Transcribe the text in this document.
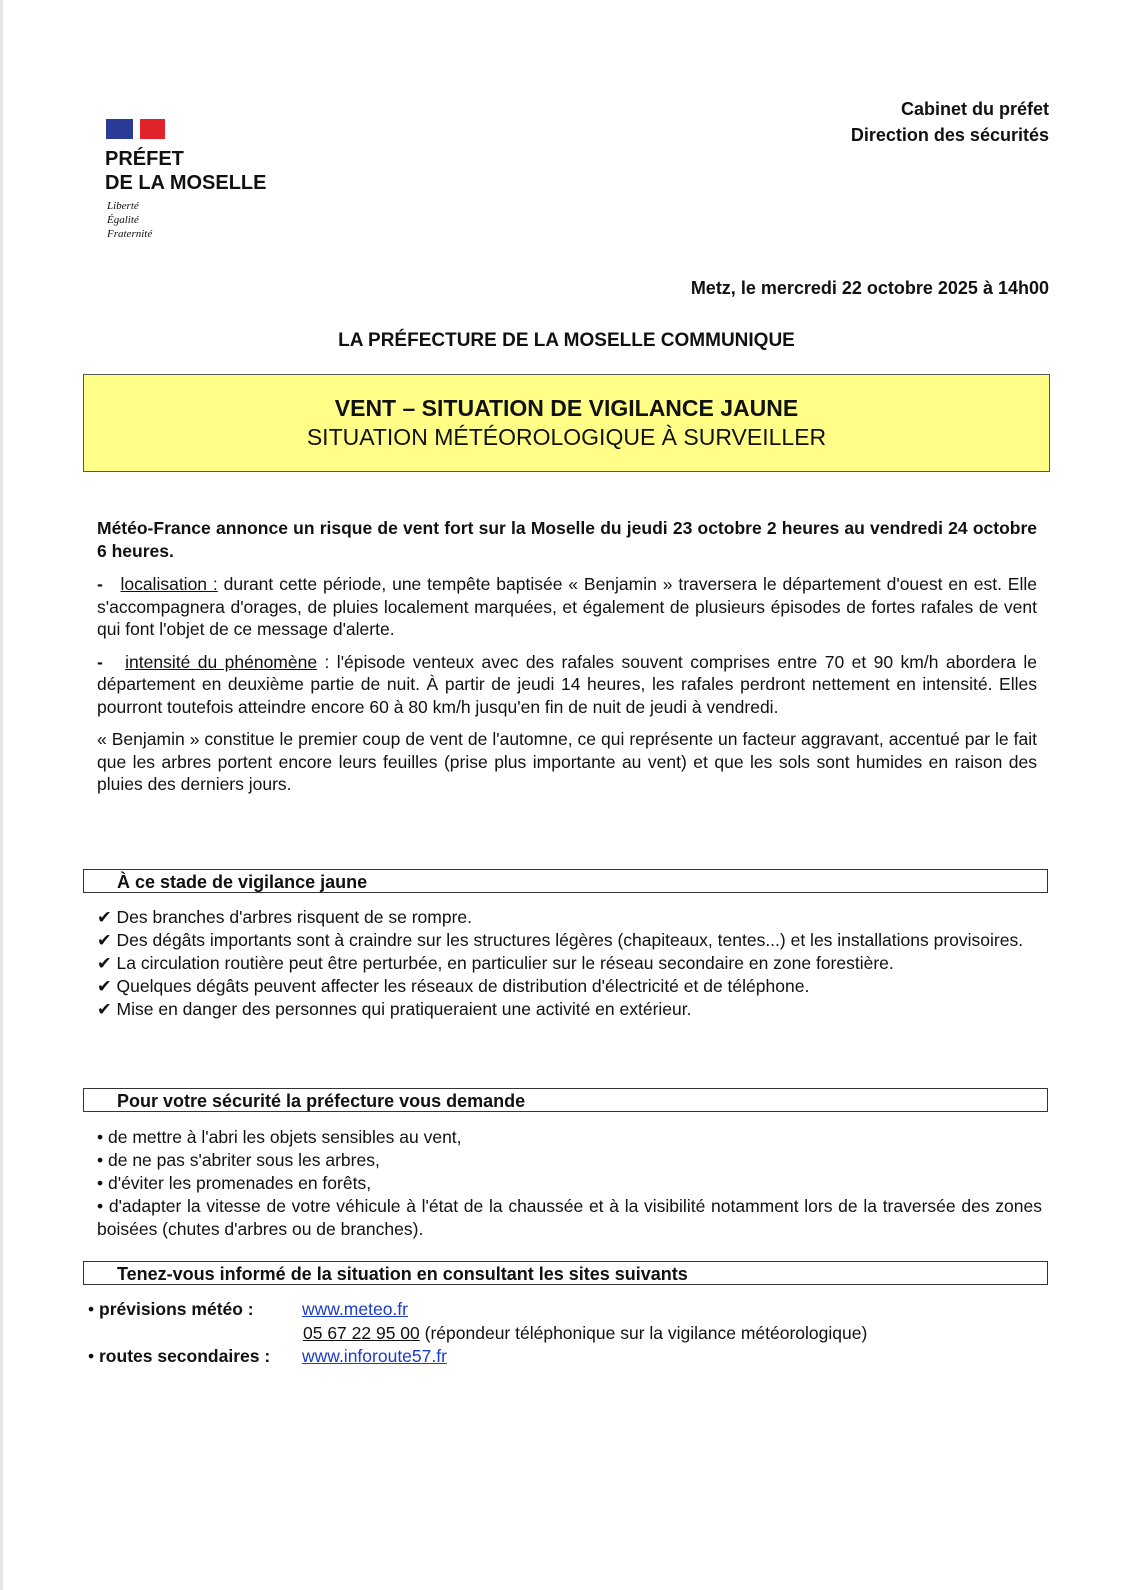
PRÉFET
DE LA MOSELLE
Liberté
Égalité
Fraternité
Cabinet du préfet
Direction des sécurités
Metz, le mercredi 22 octobre 2025 à 14h00
LA PRÉFECTURE DE LA MOSELLE COMMUNIQUE
VENT – SITUATION DE VIGILANCE JAUNE
SITUATION MÉTÉOROLOGIQUE À SURVEILLER

Météo-France annonce un risque de vent fort sur la Moselle du jeudi 23 octobre 2 heures au vendredi 24 octobre 6 heures.

- localisation : durant cette période, une tempête baptisée « Benjamin » traversera le département d'ouest en est. Elle s'accompagnera d'orages, de pluies localement marquées, et également de plusieurs épisodes de fortes rafales de vent qui font l'objet de ce message d'alerte.

- intensité du phénomène : l'épisode venteux avec des rafales souvent comprises entre 70 et 90 km/h abordera le département en deuxième partie de nuit. À partir de jeudi 14 heures, les rafales perdront nettement en intensité. Elles pourront toutefois atteindre encore 60 à 80 km/h jusqu'en fin de nuit de jeudi à vendredi.

« Benjamin » constitue le premier coup de vent de l'automne, ce qui représente un facteur aggravant, accentué par le fait que les arbres portent encore leurs feuilles (prise plus importante au vent) et que les sols sont humides en raison des pluies des derniers jours.

À ce stade de vigilance jaune
✔ Des branches d'arbres risquent de se rompre.
✔ Des dégâts importants sont à craindre sur les structures légères (chapiteaux, tentes...) et les installations provisoires.
✔ La circulation routière peut être perturbée, en particulier sur le réseau secondaire en zone forestière.
✔ Quelques dégâts peuvent affecter les réseaux de distribution d'électricité et de téléphone.
✔ Mise en danger des personnes qui pratiqueraient une activité en extérieur.
Pour votre sécurité la préfecture vous demande
• de mettre à l'abri les objets sensibles au vent,
• de ne pas s'abriter sous les arbres,
• d'éviter les promenades en forêts,
• d'adapter la vitesse de votre véhicule à l'état de la chaussée et à la visibilité notamment lors de la traversée des zones boisées (chutes d'arbres ou de branches).
Tenez-vous informé de la situation en consultant les sites suivants
• prévisions météo :	www.meteo.fr
05 67 22 95 00 (répondeur téléphonique sur la vigilance météorologique)
• routes secondaires : www.inforoute57.fr
